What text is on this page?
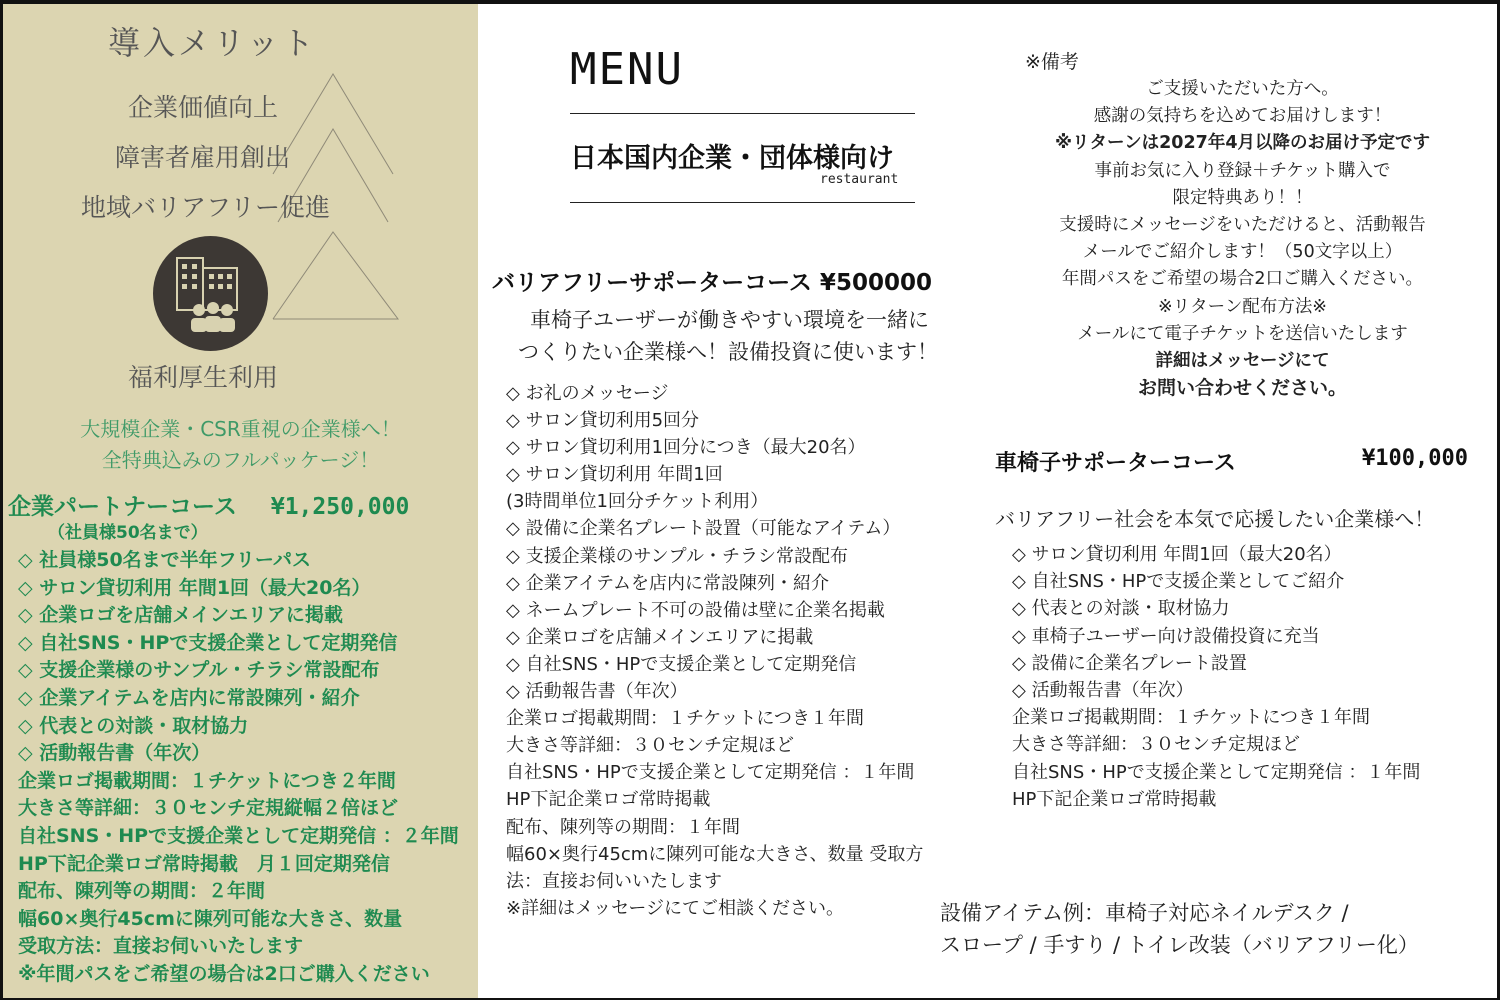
導入メリット
企業価値向上
障害者雇用創出
地域バリアフリー促進
福利厚生利用
大規模企業・CSR重視の企業様へ！
全特典込みのフルパッケージ！
企業パートナーコース ¥1,250,000
（社員様50名まで）
◇ 社員様50名まで半年フリーパス
◇ サロン貸切利用 年間1回（最大20名）
◇ 企業ロゴを店舗メインエリアに掲載
◇ 自社SNS・HPで支援企業として定期発信
◇ 支援企業様のサンプル・チラシ常設配布
◇ 企業アイテムを店内に常設陳列・紹介
◇ 代表との対談・取材協力
◇ 活動報告書（年次）
企業ロゴ掲載期間：１チケットにつき２年間
大きさ等詳細：３０センチ定規縦幅２倍ほど
自社SNS・HPで支援企業として定期発信 ：２年間
HP下記企業ロゴ常時掲載　月１回定期発信
配布、陳列等の期間：２年間
幅60×奥行45cmに陳列可能な大きさ、数量
受取方法：直接お伺いいたします
※年間パスをご希望の場合は2口ご購入ください
MENU
日本国内企業・団体様向け
restaurant
バリアフリーサポーターコース ¥500000
車椅子ユーザーが働きやすい環境を一緒に
つくりたい企業様へ！設備投資に使います！
◇ お礼のメッセージ
◇ サロン貸切利用5回分
◇ サロン貸切利用1回分につき（最大20名）
◇ サロン貸切利用 年間1回
(3時間単位1回分チケット利用）
◇ 設備に企業名プレート設置（可能なアイテム）
◇ 支援企業様のサンプル・チラシ常設配布
◇ 企業アイテムを店内に常設陳列・紹介
◇ ネームプレート不可の設備は壁に企業名掲載
◇ 企業ロゴを店舗メインエリアに掲載
◇ 自社SNS・HPで支援企業として定期発信
◇ 活動報告書（年次）
企業ロゴ掲載期間：１チケットにつき１年間
大きさ等詳細：３０センチ定規ほど
自社SNS・HPで支援企業として定期発信 ：１年間
HP下記企業ロゴ常時掲載
配布、陳列等の期間：１年間
幅60×奥行45cmに陳列可能な大きさ、数量 受取方
法：直接お伺いいたします
※詳細はメッセージにてご相談ください。
※備考
ご支援いただいた方へ。
感謝の気持ちを込めてお届けします！
※リターンは2027年4月以降のお届け予定です
事前お気に入り登録＋チケット購入で
限定特典あり！！
支援時にメッセージをいただけると、活動報告
メールでご紹介します！（50文字以上）
年間パスをご希望の場合2口ご購入ください。
※リターン配布方法※
メールにて電子チケットを送信いたします
詳細はメッセージにて
お問い合わせください。
車椅子サポーターコース	¥100,000
バリアフリー社会を本気で応援したい企業様へ！
◇ サロン貸切利用 年間1回（最大20名）
◇ 自社SNS・HPで支援企業としてご紹介
◇ 代表との対談・取材協力
◇ 車椅子ユーザー向け設備投資に充当
◇ 設備に企業名プレート設置
◇ 活動報告書（年次）
企業ロゴ掲載期間：１チケットにつき１年間
大きさ等詳細：３０センチ定規ほど
自社SNS・HPで支援企業として定期発信 ：１年間
HP下記企業ロゴ常時掲載
設備アイテム例：車椅子対応ネイルデスク /
スロープ / 手すり / トイレ改装（バリアフリー化）
